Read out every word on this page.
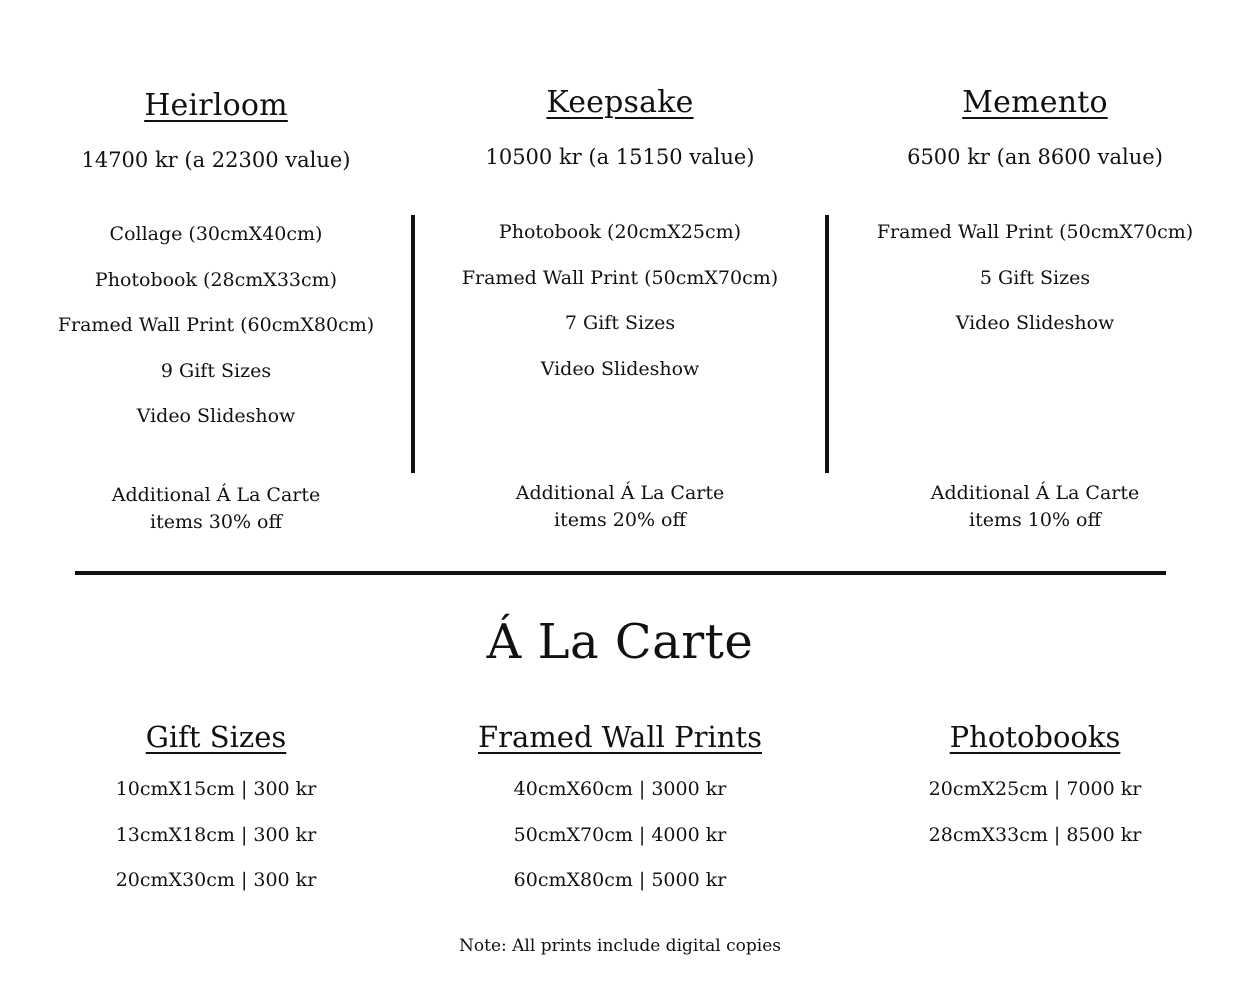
Heirloom
14700 kr (a 22300 value)
Collage (30cmX40cm)
Photobook (28cmX33cm)
Framed Wall Print (60cmX80cm)
9 Gift Sizes
Video Slideshow
Additional Á La Carte
items 30% off
Keepsake
10500 kr (a 15150 value)
Photobook (20cmX25cm)
Framed Wall Print (50cmX70cm)
7 Gift Sizes
Video Slideshow
Additional Á La Carte
items 20% off
Memento
6500 kr (an 8600 value)
Framed Wall Print (50cmX70cm)
5 Gift Sizes
Video Slideshow
Additional Á La Carte
items 10% off
Á La Carte
Gift Sizes
10cmX15cm | 300 kr
13cmX18cm | 300 kr
20cmX30cm | 300 kr
Framed Wall Prints
40cmX60cm | 3000 kr
50cmX70cm | 4000 kr
60cmX80cm | 5000 kr
Photobooks
20cmX25cm | 7000 kr
28cmX33cm | 8500 kr
Note: All prints include digital copies
